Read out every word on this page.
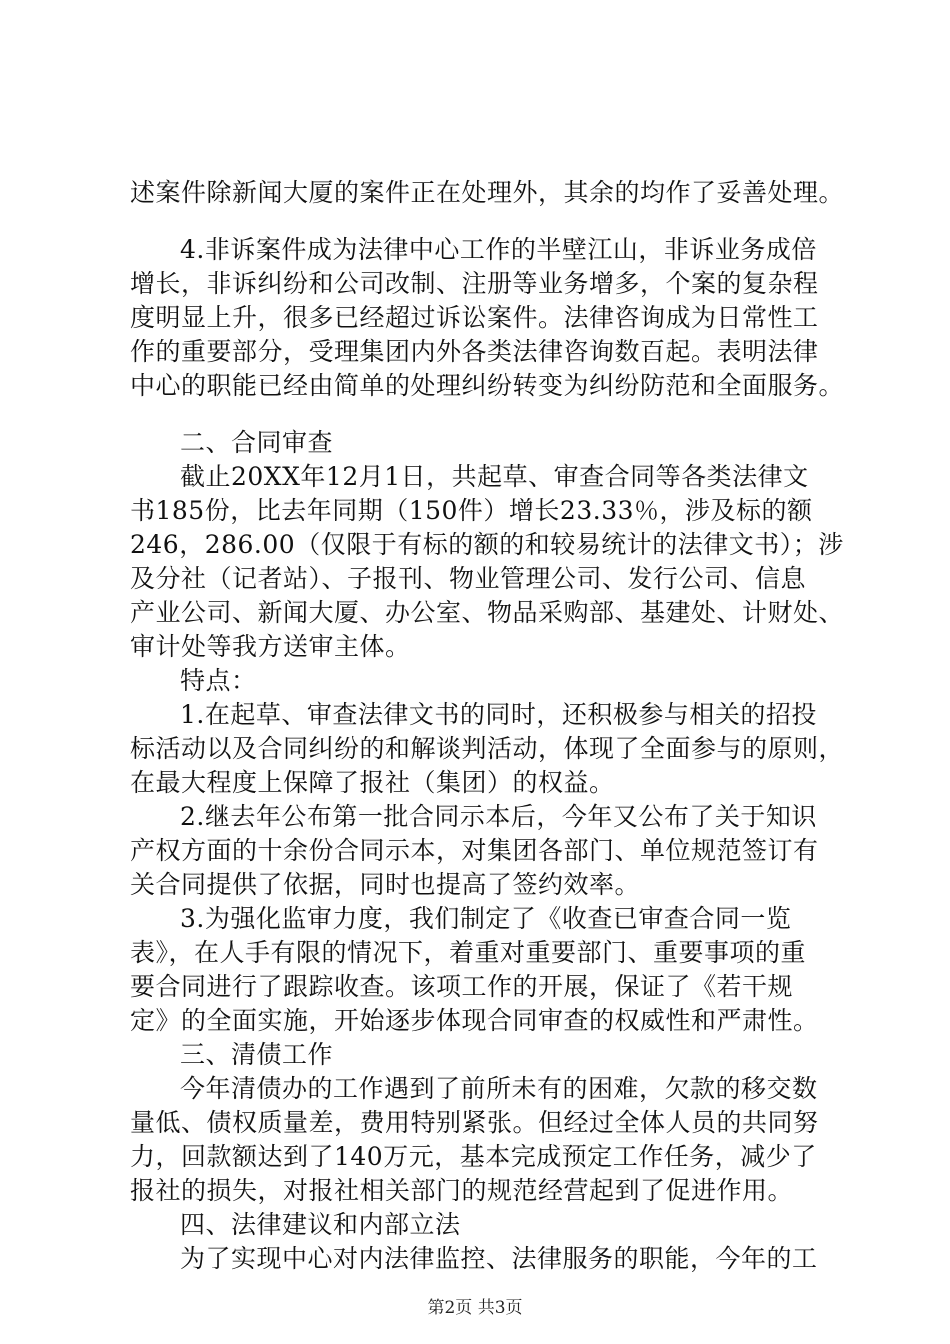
述案件除新闻大厦的案件正在处理外，其余的均作了妥善处理。
4.非诉案件成为法律中心工作的半壁江山，非诉业务成倍
增长，非诉纠纷和公司改制、注册等业务增多，个案的复杂程
度明显上升，很多已经超过诉讼案件。法律咨询成为日常性工
作的重要部分，受理集团内外各类法律咨询数百起。表明法律
中心的职能已经由简单的处理纠纷转变为纠纷防范和全面服务。
二、合同审查
截止20XX年12月1日，共起草、审查合同等各类法律文
书185份，比去年同期（150件）增长23.33％，涉及标的额
246，286.00（仅限于有标的额的和较易统计的法律文书）；涉
及分社（记者站）、子报刊、物业管理公司、发行公司、信息
产业公司、新闻大厦、办公室、物品采购部、基建处、计财处、
审计处等我方送审主体。
特点：
1.在起草、审查法律文书的同时，还积极参与相关的招投
标活动以及合同纠纷的和解谈判活动，体现了全面参与的原则，
在最大程度上保障了报社（集团）的权益。
2.继去年公布第一批合同示本后，今年又公布了关于知识
产权方面的十余份合同示本，对集团各部门、单位规范签订有
关合同提供了依据，同时也提高了签约效率。
3.为强化监审力度，我们制定了《收查已审查合同一览
表》，在人手有限的情况下，着重对重要部门、重要事项的重
要合同进行了跟踪收查。该项工作的开展，保证了《若干规
定》的全面实施，开始逐步体现合同审查的权威性和严肃性。
三、清债工作
今年清债办的工作遇到了前所未有的困难，欠款的移交数
量低、债权质量差，费用特别紧张。但经过全体人员的共同努
力，回款额达到了140万元，基本完成预定工作任务，减少了
报社的损失，对报社相关部门的规范经营起到了促进作用。
四、法律建议和内部立法
为了实现中心对内法律监控、法律服务的职能，今年的工
第2页 共3页
